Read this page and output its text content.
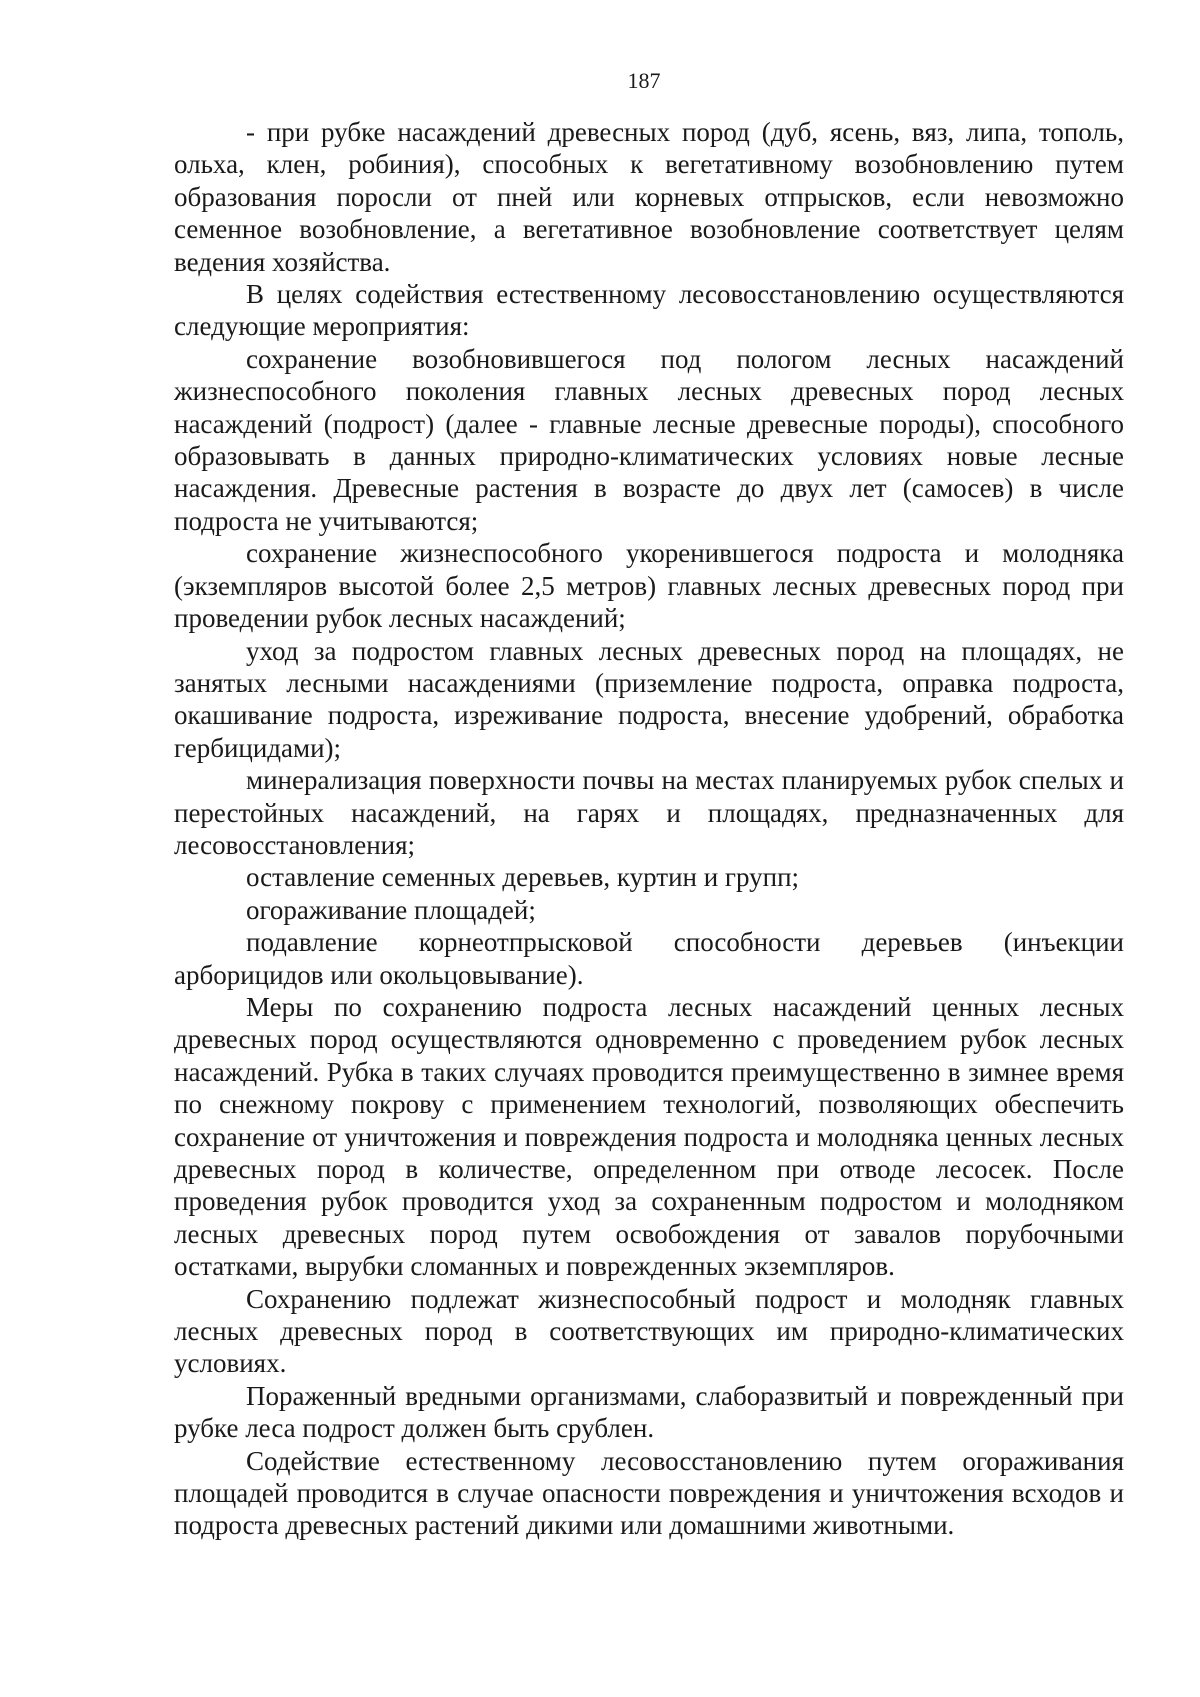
187

- при рубке насаждений древесных пород (дуб, ясень, вяз, липа, тополь, ольха, клен, робиния), способных к вегетативному возобновлению путем образования поросли от пней или корневых отпрысков, если невозможно семенное возобновление, а вегетативное возобновление соответствует целям ведения хозяйства.

В целях содействия естественному лесовосстановлению осуществляются следующие мероприятия:

сохранение возобновившегося под пологом лесных насаждений жизнеспособного поколения главных лесных древесных пород лесных насаждений (подрост) (далее - главные лесные древесные породы), способного образовывать в данных природно-климатических условиях новые лесные насаждения. Древесные растения в возрасте до двух лет (самосев) в числе подроста не учитываются;

сохранение жизнеспособного укоренившегося подроста и молодняка (экземпляров высотой более 2,5 метров) главных лесных древесных пород при проведении рубок лесных насаждений;

уход за подростом главных лесных древесных пород на площадях, не занятых лесными насаждениями (приземление подроста, оправка подроста, окашивание подроста, изреживание подроста, внесение удобрений, обработка гербицидами);

минерализация поверхности почвы на местах планируемых рубок спелых и перестойных насаждений, на гарях и площадях, предназначенных для лесовосстановления;

оставление семенных деревьев, куртин и групп;

огораживание площадей;

подавление корнеотпрысковой способности деревьев (инъекции арборицидов или окольцовывание).

Меры по сохранению подроста лесных насаждений ценных лесных древесных пород осуществляются одновременно с проведением рубок лесных насаждений. Рубка в таких случаях проводится преимущественно в зимнее время по снежному покрову с применением технологий, позволяющих обеспечить сохранение от уничтожения и повреждения подроста и молодняка ценных лесных древесных пород в количестве, определенном при отводе лесосек. После проведения рубок проводится уход за сохраненным подростом и молодняком лесных древесных пород путем освобождения от завалов порубочными остатками, вырубки сломанных и поврежденных экземпляров.

Сохранению подлежат жизнеспособный подрост и молодняк главных лесных древесных пород в соответствующих им природно-климатических условиях.

Пораженный вредными организмами, слаборазвитый и поврежденный при рубке леса подрост должен быть срублен.

Содействие естественному лесовосстановлению путем огораживания площадей проводится в случае опасности повреждения и уничтожения всходов и подроста древесных растений дикими или домашними животными.
